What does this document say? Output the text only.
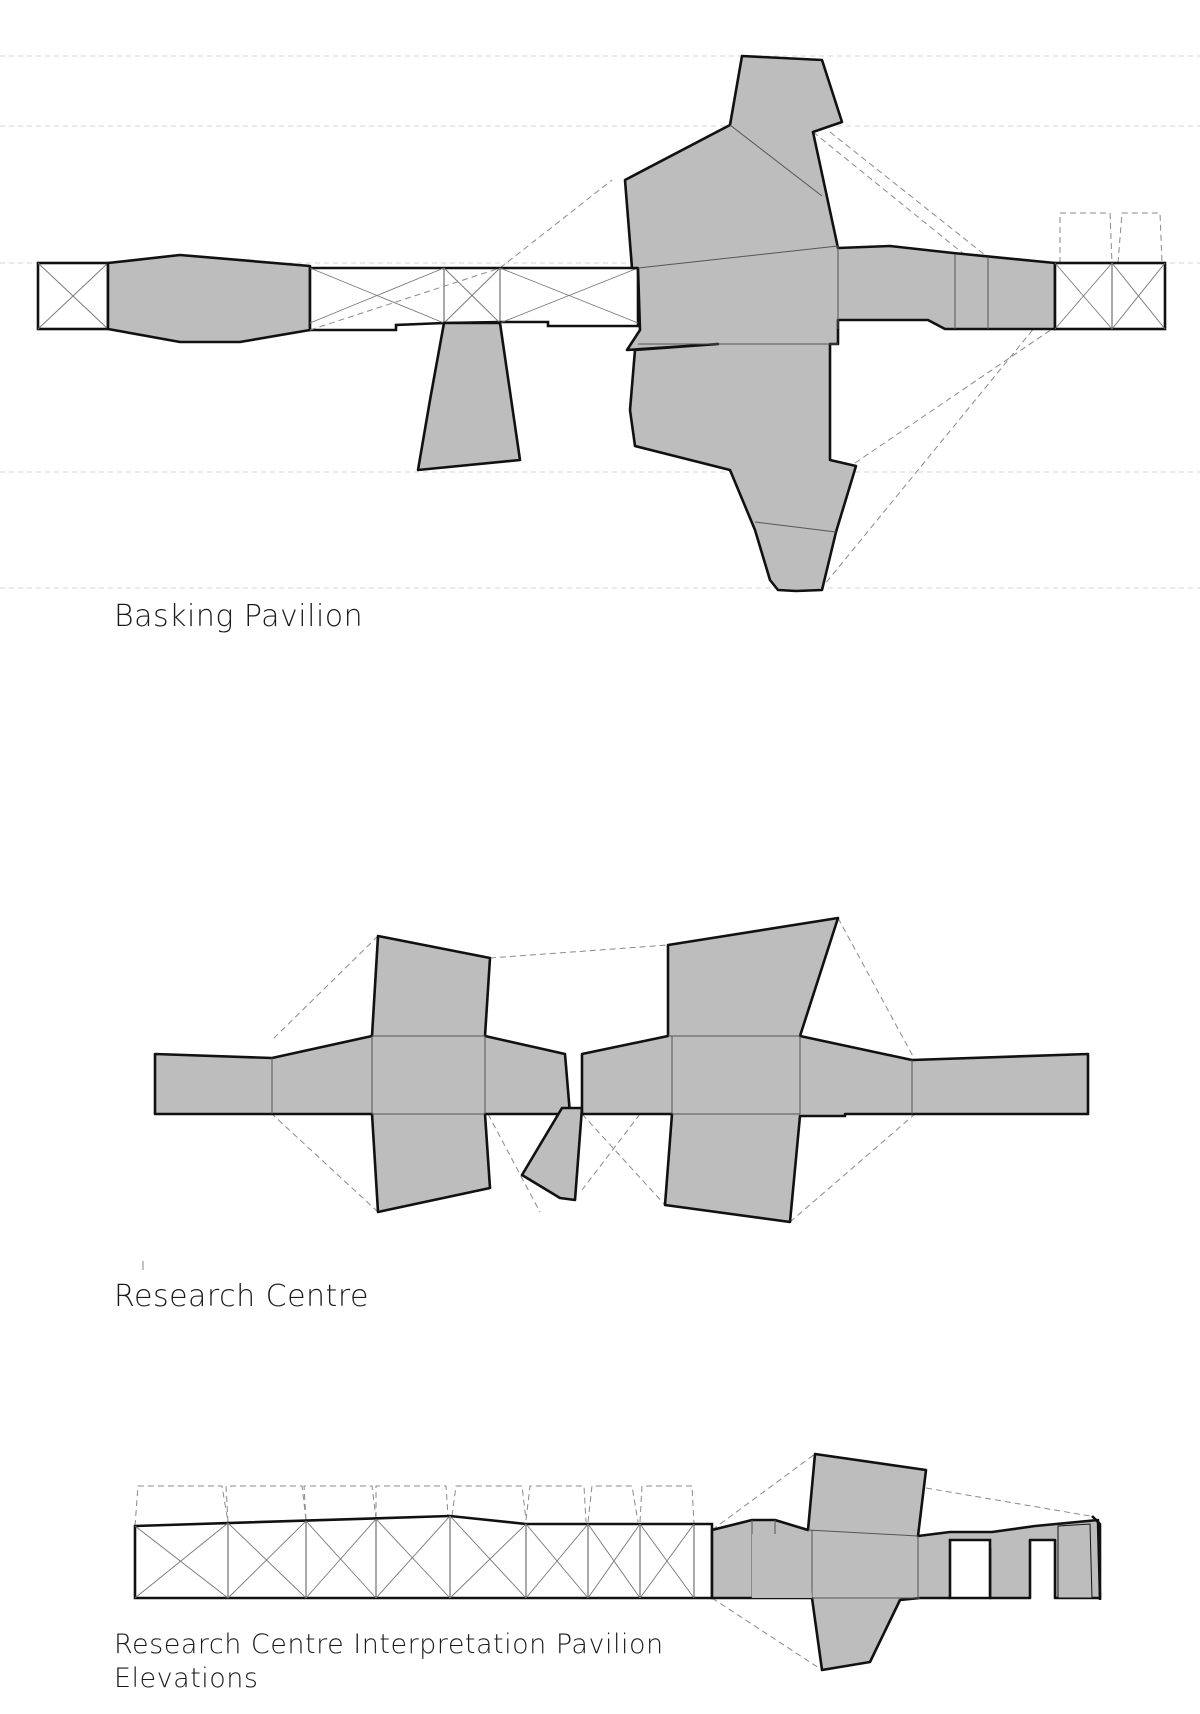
Basking Pavilion
Research Centre
Research Centre Interpretation Pavilion
Elevations
